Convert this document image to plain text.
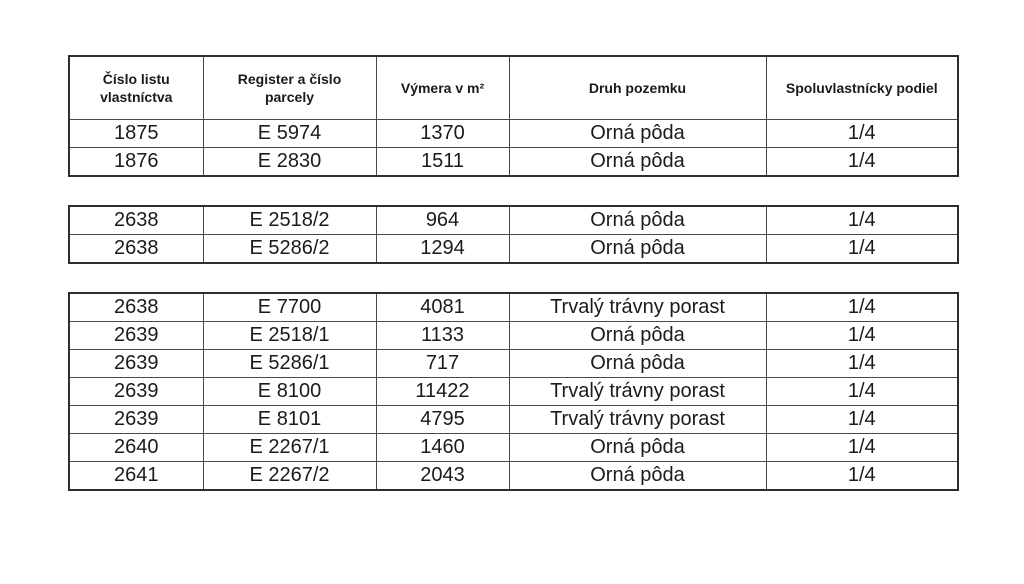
Číslo listu vlastníctva	Register a číslo parcely	Výmera v m²	Druh pozemku	Spoluvlastnícky podiel
1875	E 5974	1370	Orná pôda	1/4
1876	E 2830	1511	Orná pôda	1/4
2638	E 2518/2	964	Orná pôda	1/4
2638	E 5286/2	1294	Orná pôda	1/4
2638	E 7700	4081	Trvalý trávny porast	1/4
2639	E 2518/1	1133	Orná pôda	1/4
2639	E 5286/1	717	Orná pôda	1/4
2639	E 8100	11422	Trvalý trávny porast	1/4
2639	E 8101	4795	Trvalý trávny porast	1/4
2640	E 2267/1	1460	Orná pôda	1/4
2641	E 2267/2	2043	Orná pôda	1/4
